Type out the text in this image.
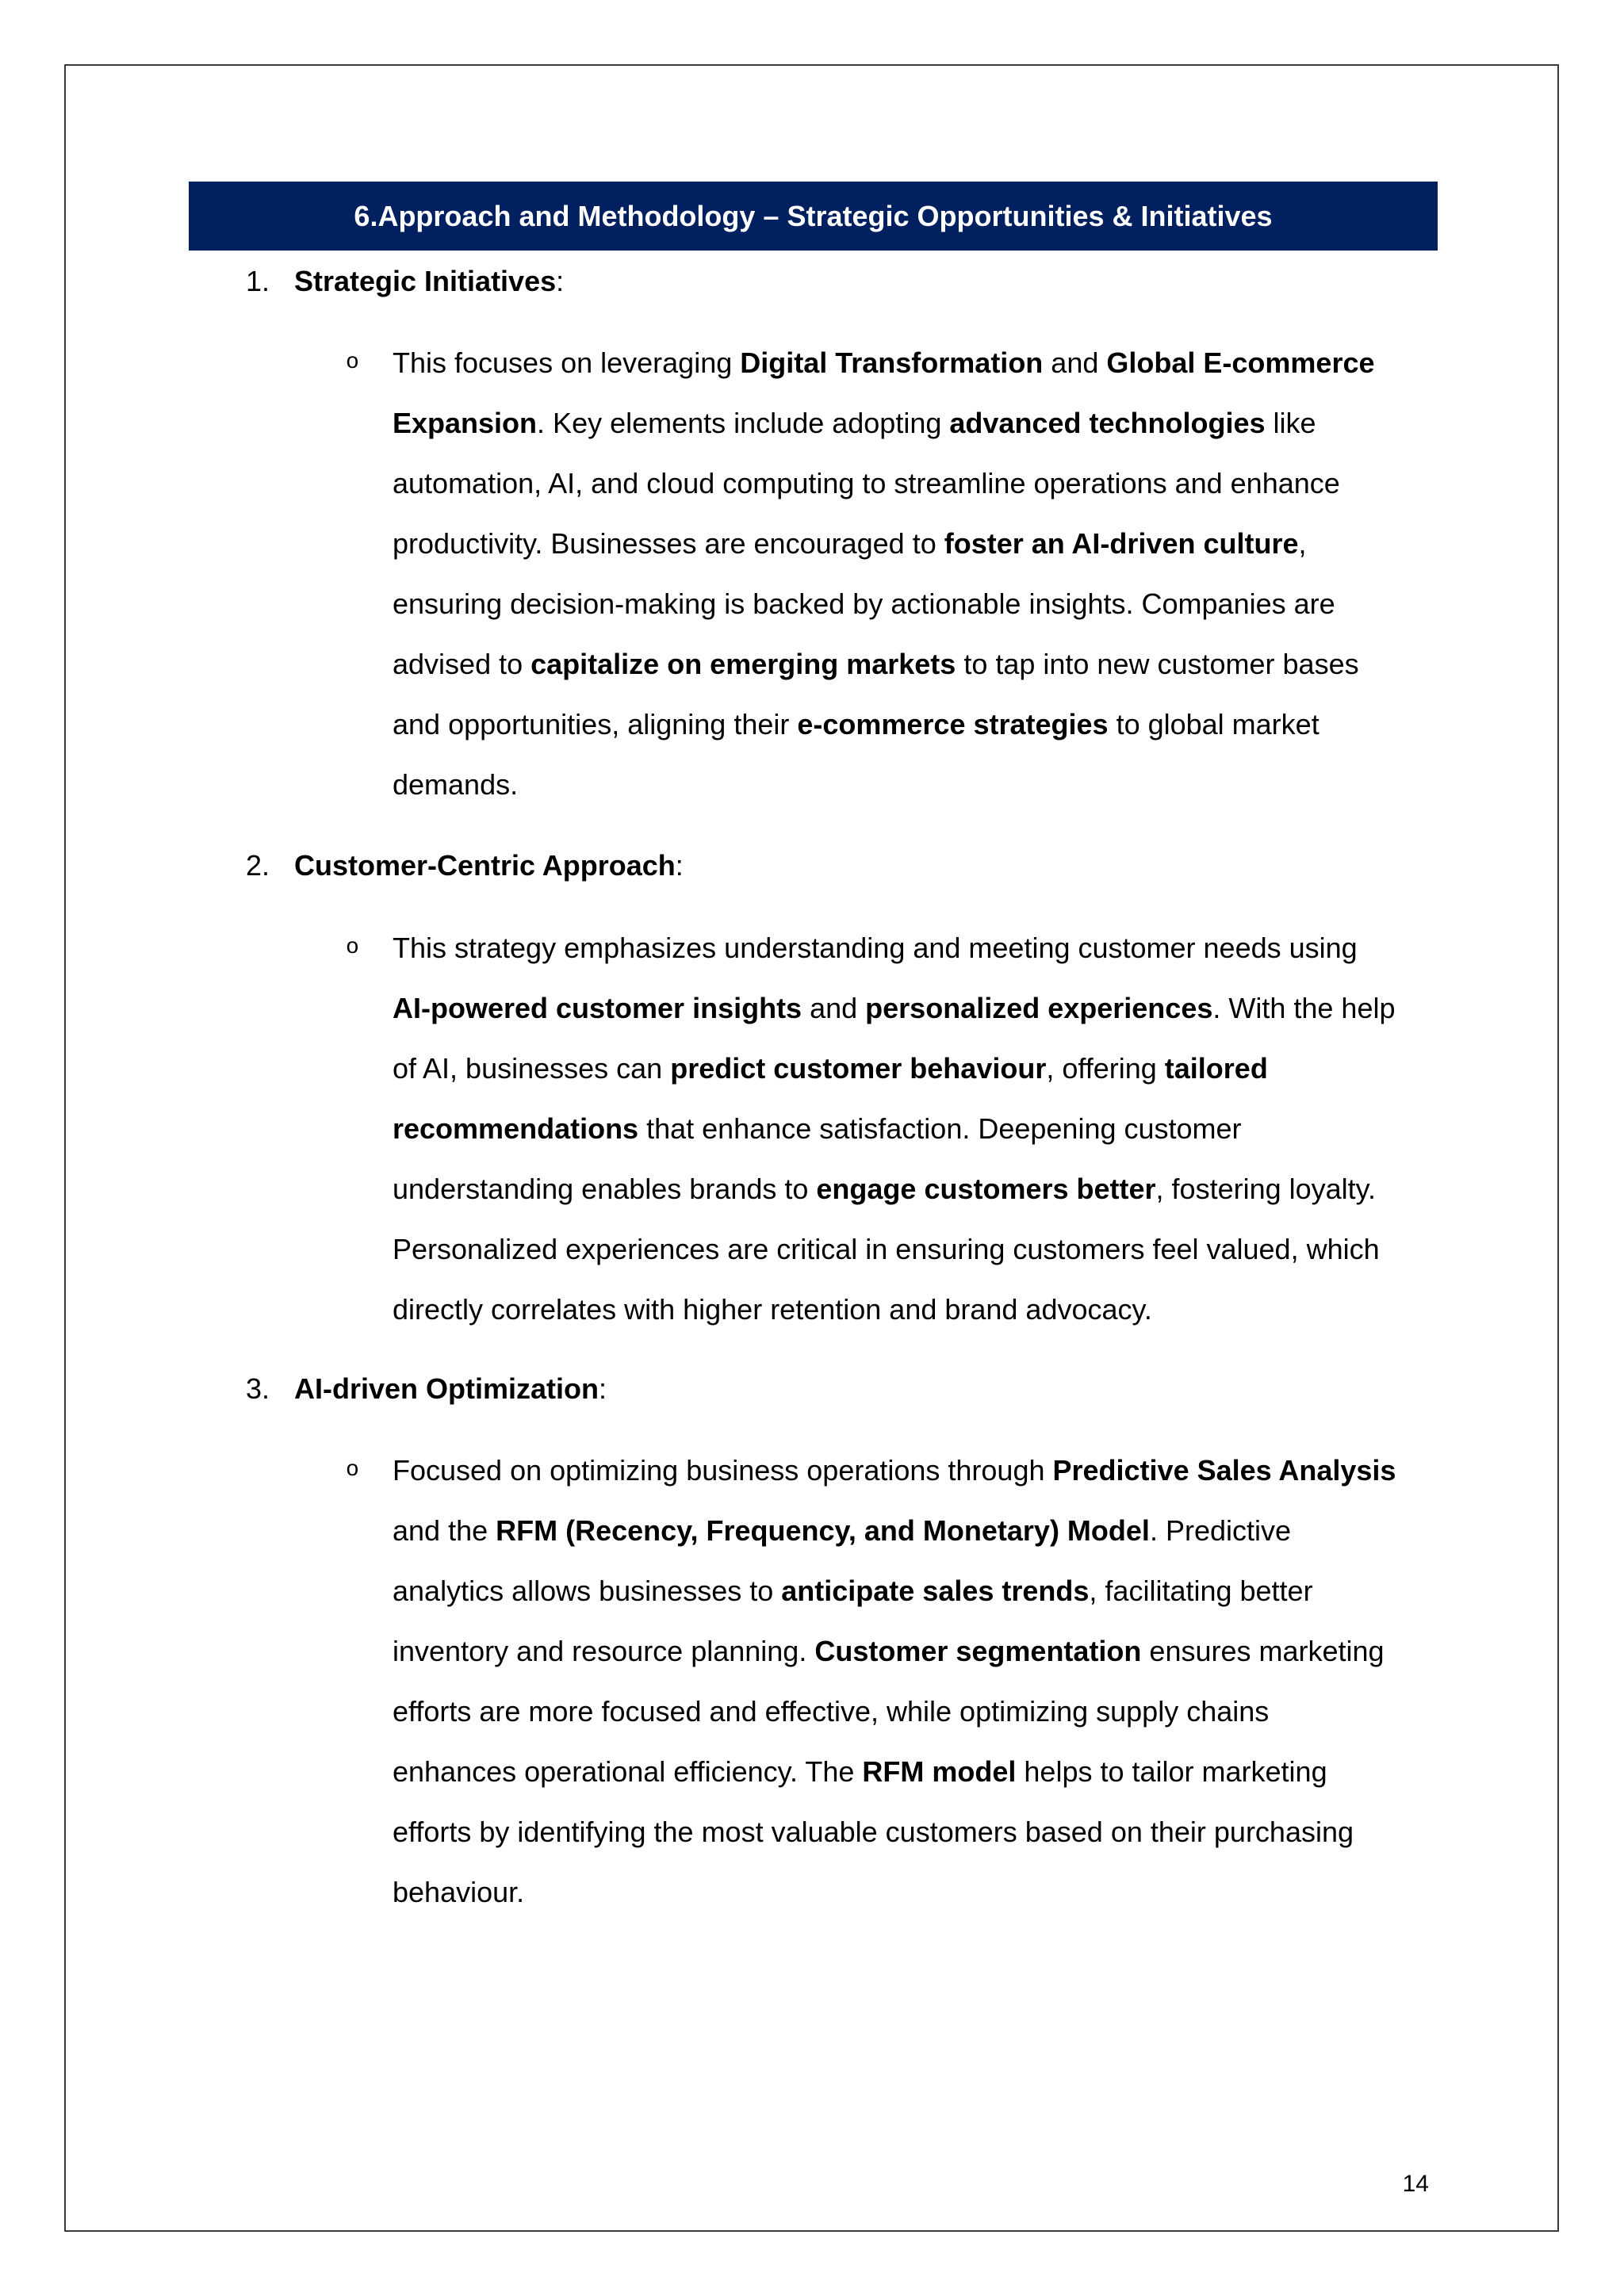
6.Approach and Methodology – Strategic Opportunities & Initiatives
1. Strategic Initiatives:
o This focuses on leveraging Digital Transformation and Global E-commerce
Expansion. Key elements include adopting advanced technologies like
automation, AI, and cloud computing to streamline operations and enhance
productivity. Businesses are encouraged to foster an AI-driven culture,
ensuring decision-making is backed by actionable insights. Companies are
advised to capitalize on emerging markets to tap into new customer bases
and opportunities, aligning their e-commerce strategies to global market
demands.
2. Customer-Centric Approach:
o This strategy emphasizes understanding and meeting customer needs using
AI-powered customer insights and personalized experiences. With the help
of AI, businesses can predict customer behaviour, offering tailored
recommendations that enhance satisfaction. Deepening customer
understanding enables brands to engage customers better, fostering loyalty.
Personalized experiences are critical in ensuring customers feel valued, which
directly correlates with higher retention and brand advocacy.
3. AI-driven Optimization:
o Focused on optimizing business operations through Predictive Sales Analysis
and the RFM (Recency, Frequency, and Monetary) Model. Predictive
analytics allows businesses to anticipate sales trends, facilitating better
inventory and resource planning. Customer segmentation ensures marketing
efforts are more focused and effective, while optimizing supply chains
enhances operational efficiency. The RFM model helps to tailor marketing
efforts by identifying the most valuable customers based on their purchasing
behaviour.
14
